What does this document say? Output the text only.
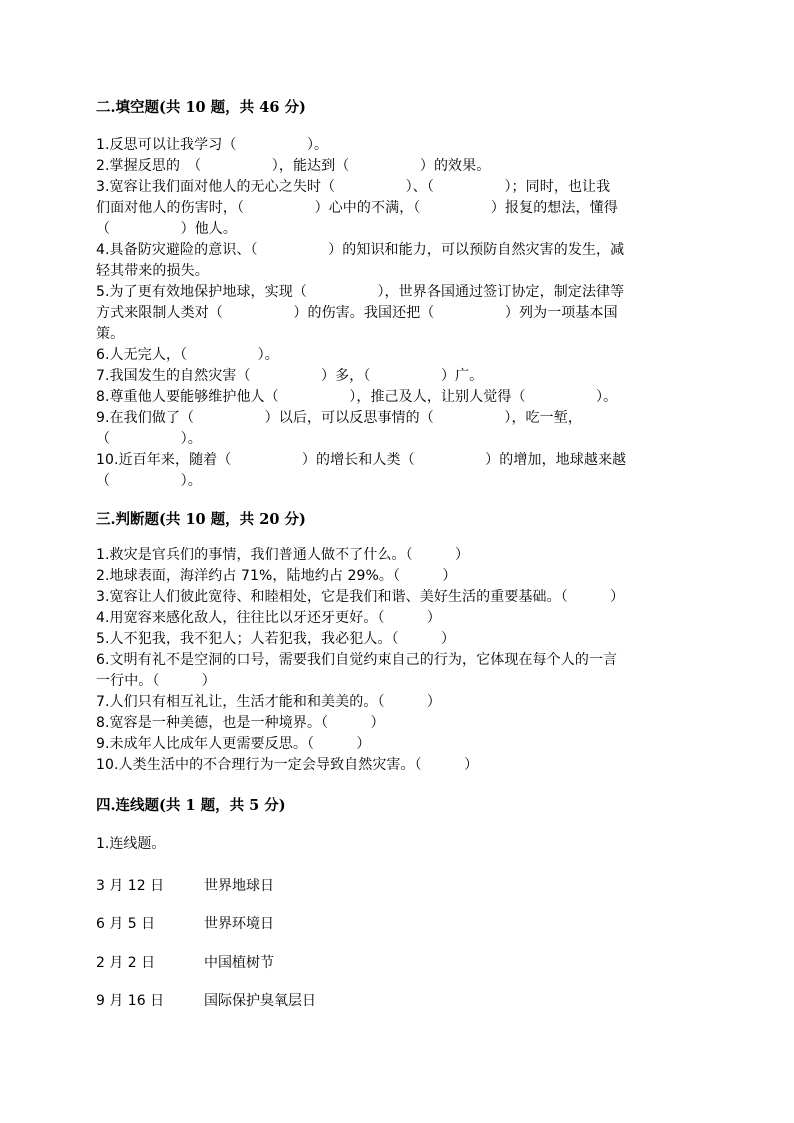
二.填空题(共 10 题，共 46 分)
1.反思可以让我学习（　　　　　）。
2.掌握反思的　（　　　　　），能达到（　　　　　）的效果。
3.宽容让我们面对他人的无心之失时（　　　　　）、（　　　　　）；同时，也让我
们面对他人的伤害时，（　　　　　）心中的不满，（　　　　　）报复的想法，懂得
（　　　　　）他人。
4.具备防灾避险的意识、（　　　　　）的知识和能力，可以预防自然灾害的发生，减
轻其带来的损失。
5.为了更有效地保护地球，实现（　　　　　），世界各国通过签订协定，制定法律等
方式来限制人类对（　　　　　）的伤害。我国还把（　　　　　）列为一项基本国
策。
6.人无完人，（　　　　　）。
7.我国发生的自然灾害（　　　　　）多，（　　　　　）广。
8.尊重他人要能够维护他人（　　　　　），推己及人，让别人觉得（　　　　　）。
9.在我们做了（　　　　　）以后，可以反思事情的（　　　　　），吃一堑，
（　　　　　）。
10.近百年来，随着（　　　　　）的增长和人类（　　　　　）的增加，地球越来越
（　　　　　）。
三.判断题(共 10 题，共 20 分)
1.救灾是官兵们的事情，我们普通人做不了什么。（　　　）
2.地球表面，海洋约占 71%，陆地约占 29%。（　　　）
3.宽容让人们彼此宽待、和睦相处，它是我们和谐、美好生活的重要基础。（　　　）
4.用宽容来感化敌人，往往比以牙还牙更好。（　　　）
5.人不犯我，我不犯人；人若犯我，我必犯人。（　　　）
6.文明有礼不是空洞的口号，需要我们自觉约束自己的行为，它体现在每个人的一言
一行中。（　　　）
7.人们只有相互礼让，生活才能和和美美的。（　　　）
8.宽容是一种美德，也是一种境界。（　　　）
9.未成年人比成年人更需要反思。（　　　）
10.人类生活中的不合理行为一定会导致自然灾害。（　　　）
四.连线题(共 1 题，共 5 分)
1.连线题。
3 月 12 日	世界地球日
6 月 5 日	世界环境日
2 月 2 日	中国植树节
9 月 16 日	国际保护臭氧层日
